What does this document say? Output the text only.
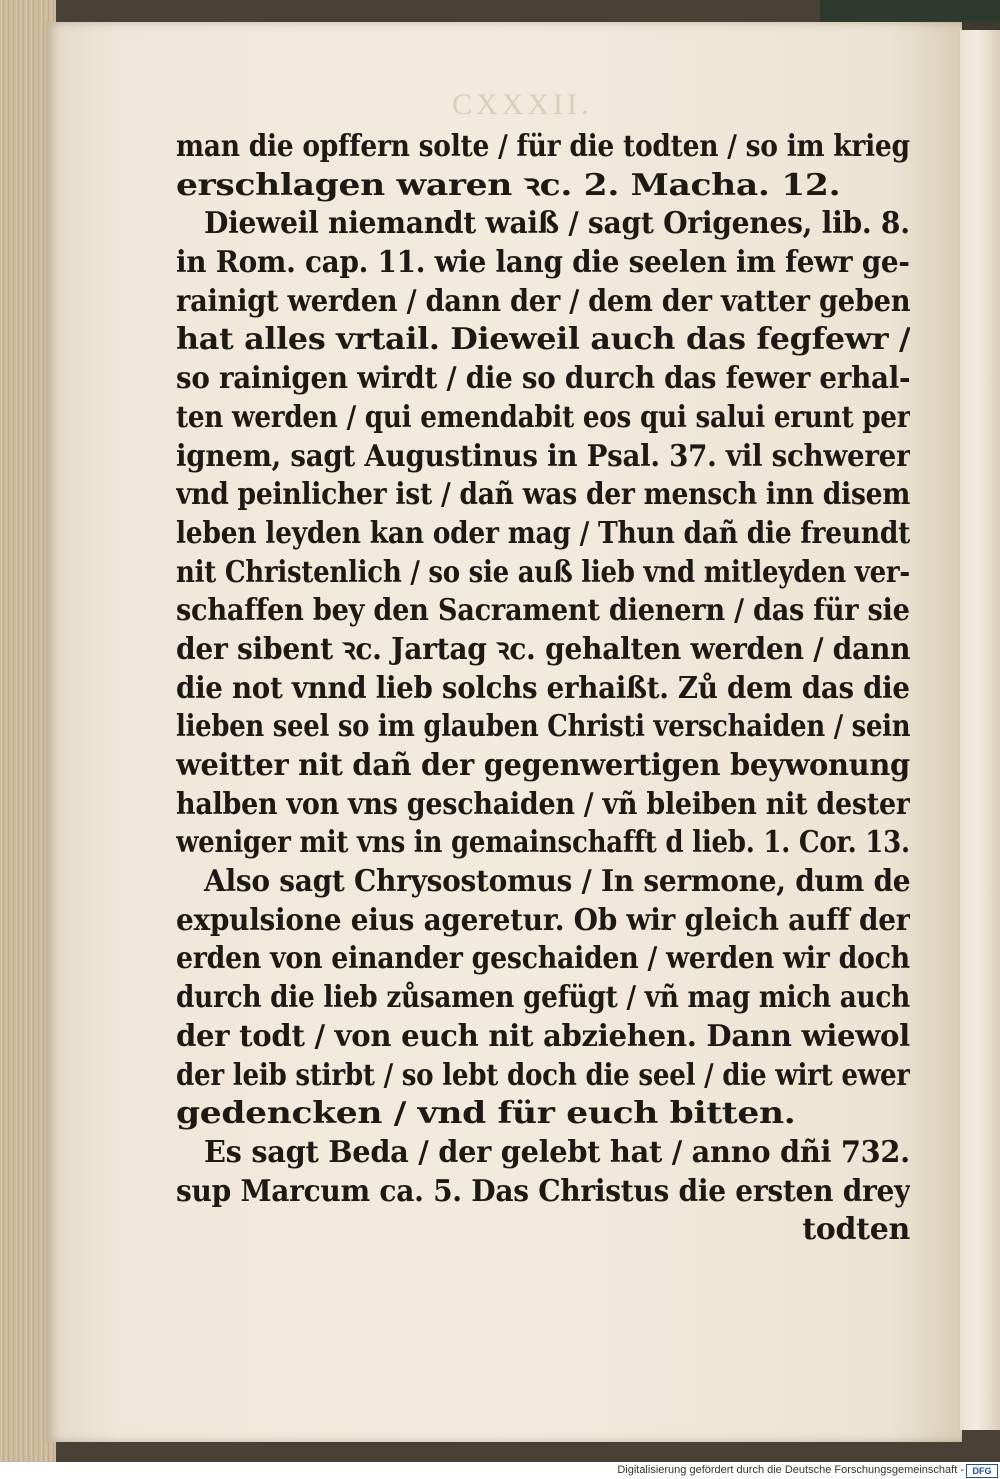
CXXXII.
man die opffern solte / für die todten / so im krieg
erschlagen waren ꝛc. 2. Macha. 12.
Dieweil niemandt waiß / sagt Origenes, lib. 8.
in Rom. cap. 11. wie lang die seelen im fewr ge-
rainigt werden / dann der / dem der vatter geben
hat alles vrtail. Dieweil auch das fegfewr /
so rainigen wirdt / die so durch das fewer erhal-
ten werden / qui emendabit eos qui salui erunt per
ignem, sagt Augustinus in Psal. 37. vil schwerer
vnd peinlicher ist / dañ was der mensch inn disem
leben leyden kan oder mag / Thun dañ die freundt
nit Christenlich / so sie auß lieb vnd mitleyden ver-
schaffen bey den Sacrament dienern / das für sie
der sibent ꝛc. Jartag ꝛc. gehalten werden / dann
die not vnnd lieb solchs erhaißt. Zů dem das die
lieben seel so im glauben Christi verschaiden / sein
weitter nit dañ der gegenwertigen beywonung
halben von vns geschaiden / vñ bleiben nit dester
weniger mit vns in gemainschafft d lieb. 1. Cor. 13.
Also sagt Chrysostomus / In sermone, dum de
expulsione eius ageretur. Ob wir gleich auff der
erden von einander geschaiden / werden wir doch
durch die lieb zůsamen gefügt / vñ mag mich auch
der todt / von euch nit abziehen. Dann wiewol
der leib stirbt / so lebt doch die seel / die wirt ewer
gedencken / vnd für euch bitten.
Es sagt Beda / der gelebt hat / anno dñi 732.
sup Marcum ca. 5. Das Christus die ersten drey
todten
Digitalisierung gefördert durch die Deutsche Forschungsgemeinschaft - DFG
